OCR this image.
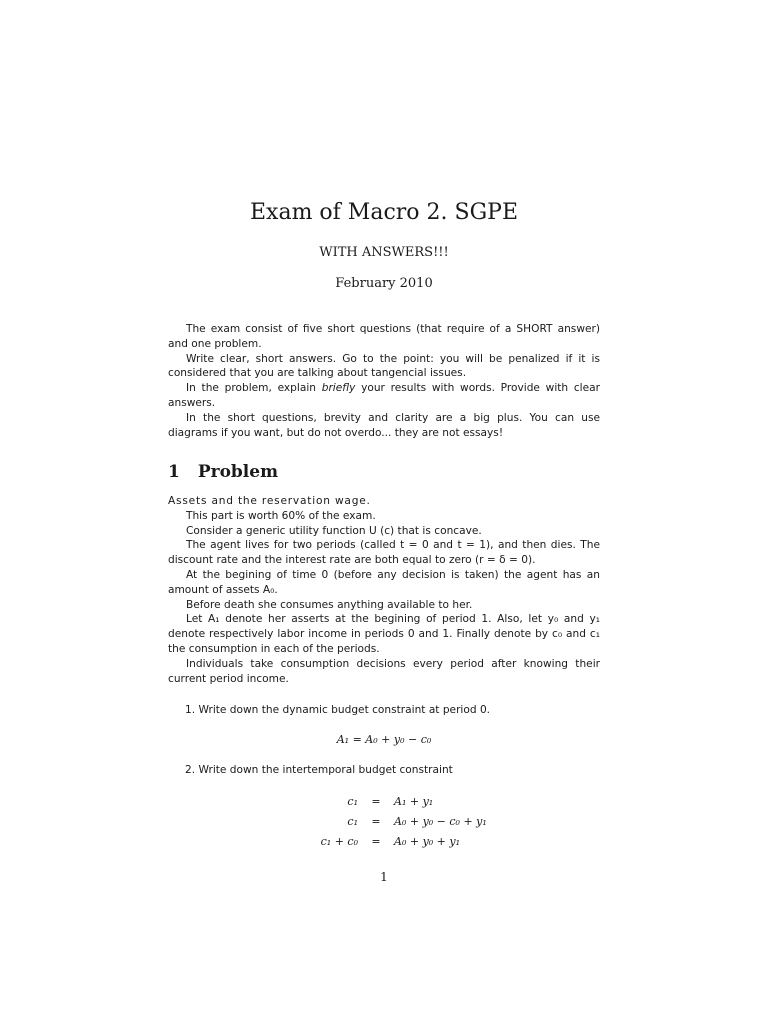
Exam of Macro 2. SGPE
WITH ANSWERS!!!
February 2010

The exam consist of five short questions (that require of a SHORT answer) and one problem.

Write clear, short answers. Go to the point: you will be penalized if it is considered that you are talking about tangencial issues.

In the problem, explain briefly your results with words. Provide with clear answers.

In the short questions, brevity and clarity are a big plus. You can use diagrams if you want, but do not overdo... they are not essays!

1 Problem

Assets and the reservation wage.

This part is worth 60% of the exam.

Consider a generic utility function U (c) that is concave.

The agent lives for two periods (called t = 0 and t = 1), and then dies. The discount rate and the interest rate are both equal to zero (r = δ = 0).

At the begining of time 0 (before any decision is taken) the agent has an amount of assets A₀.

Before death she consumes anything available to her.

Let A₁ denote her asserts at the begining of period 1. Also, let y₀ and y₁ denote respectively labor income in periods 0 and 1. Finally denote by c₀ and c₁ the consumption in each of the periods.

Individuals take consumption decisions every period after knowing their current period income.

1. Write down the dynamic budget constraint at period 0.
A₁ = A₀ + y₀ − c₀
2. Write down the intertemporal budget constraint
c₁	=	A₁ + y₁
c₁	=	A₀ + y₀ − c₀ + y₁
c₁ + c₀	=	A₀ + y₀ + y₁
1
